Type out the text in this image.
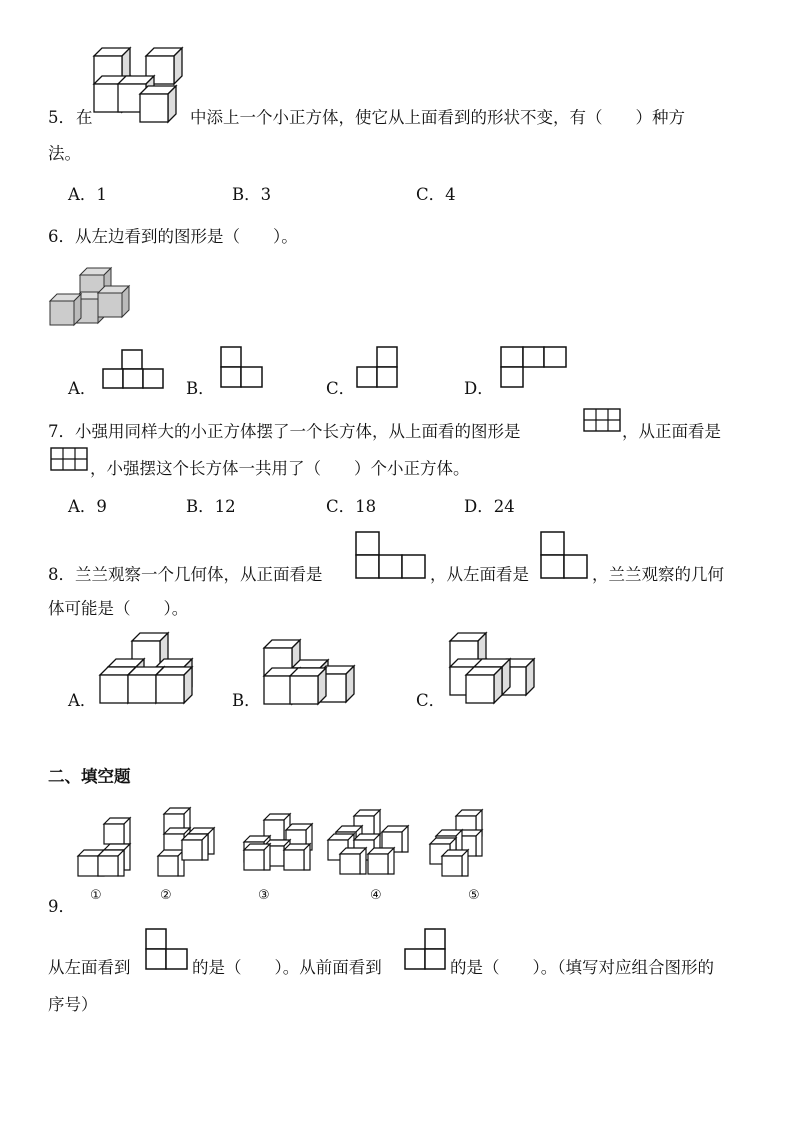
5． 在	中添上一个小正方体，使它从上面看到的形状不变，有（　　）种方
法。
A．1	B．3	C．4
6．从左边看到的图形是（　　）。
A．	B．	C．	D．
7．小强用同样大的小正方体摆了一个长方体，从上面看的图形是	，从正面看是
，小强摆这个长方体一共用了（　　）个小正方体。
A．9	B．12	C．18	D．24
8．兰兰观察一个几何体，从正面看是	，从左面看是	，兰兰观察的几何
体可能是（　　）。
A．	B．	C．
二、填空题
①	②	③	④	⑤
9．
从左面看到	的是（　　）。从前面看到	的是（　　）。（填写对应组合图形的
序号）
